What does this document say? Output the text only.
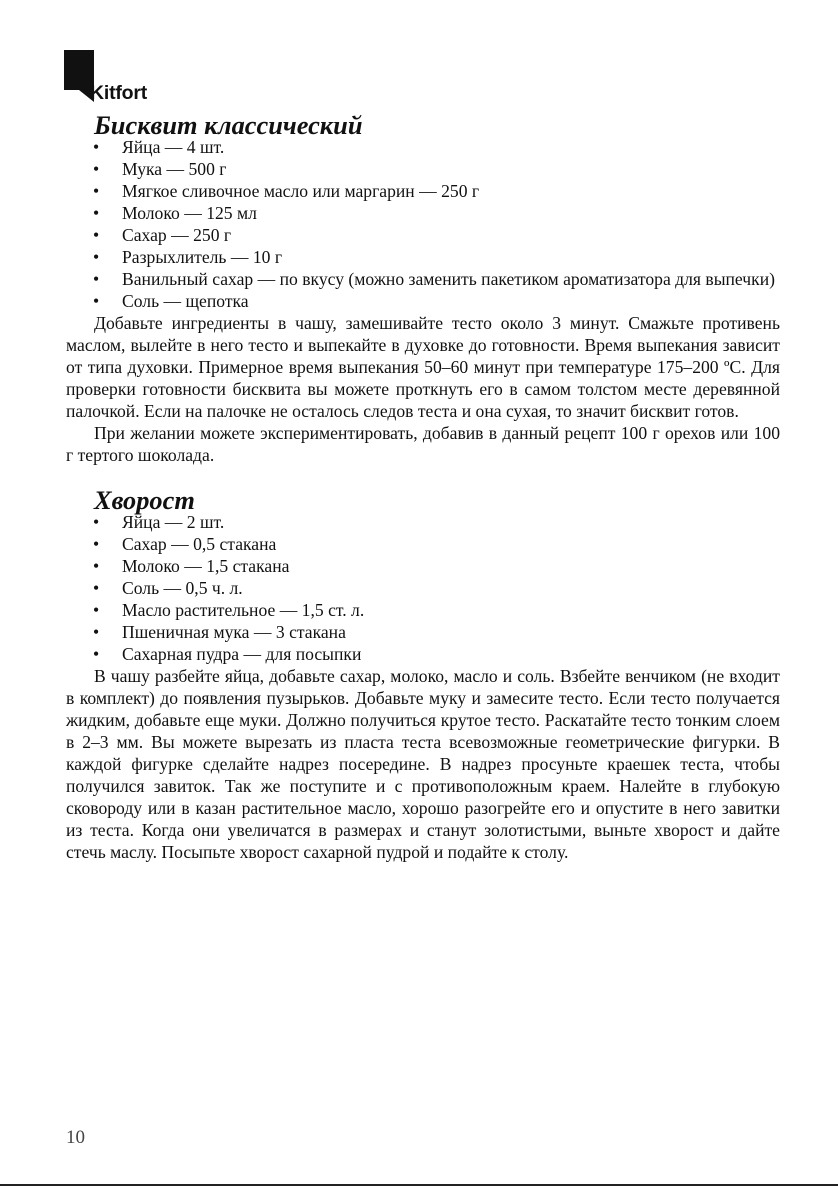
Kitfort
Бисквит классический
• Яйца — 4 шт.
• Мука — 500 г
• Мягкое сливочное масло или маргарин — 250 г
• Молоко — 125 мл
• Сахар — 250 г
• Разрыхлитель — 10 г
• Ванильный сахар — по вкусу (можно заменить пакетиком ароматизатора для выпечки)
• Соль — щепотка

Добавьте ингредиенты в чашу, замешивайте тесто около 3 минут. Смажьте противень маслом, вылейте в него тесто и выпекайте в духовке до готовности. Время выпекания зависит от типа духовки. Примерное время выпекания 50–60 минут при температуре 175–200 ºС. Для проверки готовности бисквита вы можете проткнуть его в самом толстом месте деревянной палочкой. Если на палочке не осталось следов теста и она сухая, то значит бисквит готов.

При желании можете экспериментировать, добавив в данный рецепт 100 г орехов или 100 г тертого шоколада.

Хворост
• Яйца — 2 шт.
• Сахар — 0,5 стакана
• Молоко — 1,5 стакана
• Соль — 0,5 ч. л.
• Масло растительное — 1,5 ст. л.
• Пшеничная мука — 3 стакана
• Сахарная пудра — для посыпки

В чашу разбейте яйца, добавьте сахар, молоко, масло и соль. Взбейте венчиком (не входит в комплект) до появления пузырьков. Добавьте муку и замесите тесто. Если тесто получается жидким, добавьте еще муки. Должно получиться крутое тесто. Раскатайте тесто тонким слоем в 2–3 мм. Вы можете вырезать из пласта теста всевозможные геометрические фигурки. В каждой фигурке сделайте надрез посередине. В надрез просуньте краешек теста, чтобы получился завиток. Так же поступите и с противоположным краем. Налейте в глубокую сковороду или в казан растительное масло, хорошо разогрейте его и опустите в него завитки из теста. Когда они увеличатся в размерах и станут золотистыми, выньте хворост и дайте стечь маслу. Посыпьте хворост сахарной пудрой и подайте к столу.

10
